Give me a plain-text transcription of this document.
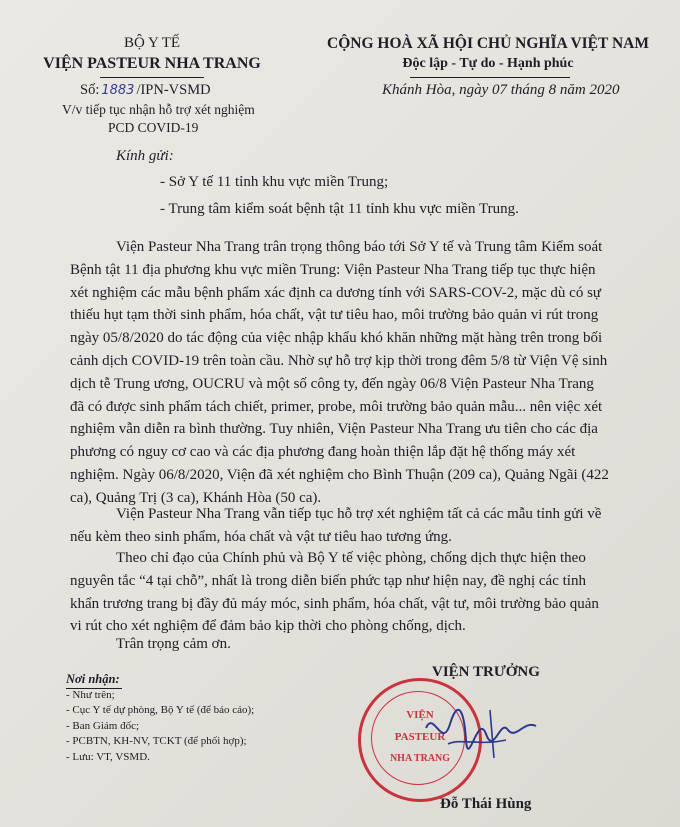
BỘ Y TẾ
VIỆN PASTEUR NHA TRANG
Số: 1883 /IPN-VSMD
V/v tiếp tục nhận hỗ trợ xét nghiệm
PCD COVID-19
CỘNG HOÀ XÃ HỘI CHỦ NGHĨA VIỆT NAM
Độc lập - Tự do - Hạnh phúc
Khánh Hòa, ngày 07 tháng 8 năm 2020
Kính gửi:
- Sở Y tế 11 tỉnh khu vực miền Trung;
- Trung tâm kiểm soát bệnh tật 11 tỉnh khu vực miền Trung.
Viện Pasteur Nha Trang trân trọng thông báo tới Sở Y tế và Trung tâm Kiểm soát
Bệnh tật 11 địa phương khu vực miền Trung: Viện Pasteur Nha Trang tiếp tục thực hiện
xét nghiệm các mẫu bệnh phẩm xác định ca dương tính với SARS-COV-2, mặc dù có sự
thiếu hụt tạm thời sinh phẩm, hóa chất, vật tư tiêu hao, môi trường bảo quản vi rút trong
ngày 05/8/2020 do tác động của việc nhập khẩu khó khăn những mặt hàng trên trong bối
cảnh dịch COVID-19 trên toàn cầu. Nhờ sự hỗ trợ kịp thời trong đêm 5/8 từ Viện Vệ sinh
dịch tễ Trung ương, OUCRU và một số công ty, đến ngày 06/8 Viện Pasteur Nha Trang
đã có được sinh phẩm tách chiết, primer, probe, môi trường bảo quản mẫu... nên việc xét
nghiệm vẫn diễn ra bình thường. Tuy nhiên, Viện Pasteur Nha Trang ưu tiên cho các địa
phương có nguy cơ cao và các địa phương đang hoàn thiện lắp đặt hệ thống máy xét
nghiệm. Ngày 06/8/2020, Viện đã xét nghiệm cho Bình Thuận (209 ca), Quảng Ngãi (422
ca), Quảng Trị (3 ca), Khánh Hòa (50 ca).
Viện Pasteur Nha Trang vẫn tiếp tục hỗ trợ xét nghiệm tất cả các mẫu tỉnh gửi về
nếu kèm theo sinh phẩm, hóa chất và vật tư tiêu hao tương ứng.
Theo chỉ đạo của Chính phủ và Bộ Y tế việc phòng, chống dịch thực hiện theo
nguyên tắc “4 tại chỗ”, nhất là trong diễn biến phức tạp như hiện nay, đề nghị các tỉnh
khẩn trương trang bị đầy đủ máy móc, sinh phẩm, hóa chất, vật tư, môi trường bảo quản
vi rút cho xét nghiệm để đảm bảo kịp thời cho phòng chống, dịch.
Trân trọng cảm ơn.
Nơi nhận:
- Như trên;
- Cục Y tế dự phòng, Bộ Y tế (để báo cáo);
- Ban Giám đốc;
- PCBTN, KH-NV, TCKT (để phối hợp);
- Lưu: VT, VSMD.
VIỆN TRƯỞNG
VIỆN
PASTEUR
NHA TRANG
Đỗ Thái Hùng
